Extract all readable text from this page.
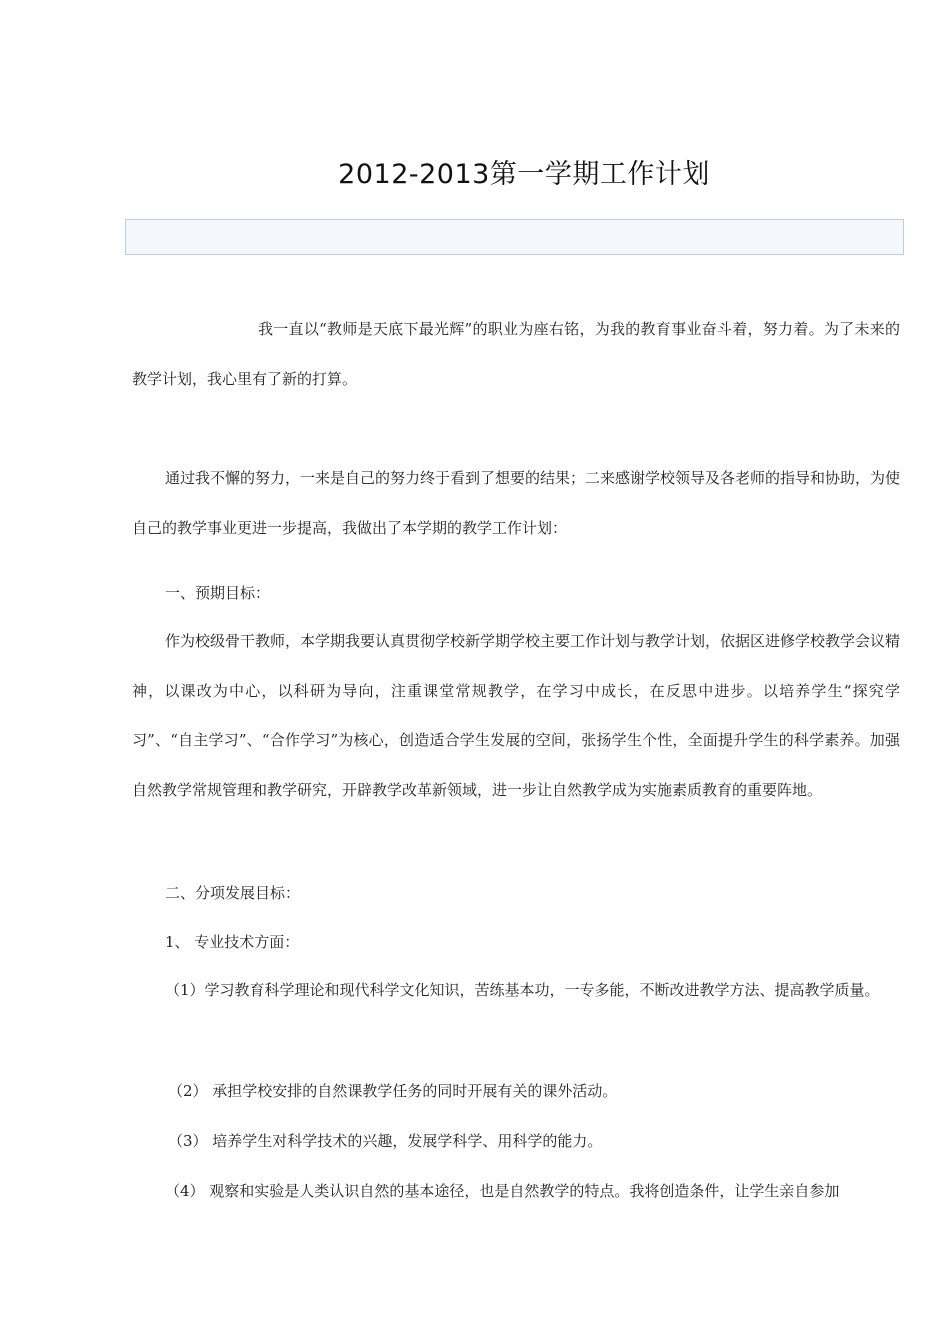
2012-2013第一学期工作计划

我一直以“教师是天底下最光辉”的职业为座右铭，为我的教育事业奋斗着，努力着。为了未来的教学计划，我心里有了新的打算。

通过我不懈的努力，一来是自己的努力终于看到了想要的结果；二来感谢学校领导及各老师的指导和协助，为使自己的教学事业更进一步提高，我做出了本学期的教学工作计划：

一、预期目标：

作为校级骨干教师，本学期我要认真贯彻学校新学期学校主要工作计划与教学计划，依据区进修学校教学会议精神，以课改为中心，以科研为导向，注重课堂常规教学，在学习中成长，在反思中进步。以培养学生“探究学习”、“自主学习”、“合作学习”为核心，创造适合学生发展的空间，张扬学生个性，全面提升学生的科学素养。加强自然教学常规管理和教学研究，开辟教学改革新领域，进一步让自然教学成为实施素质教育的重要阵地。

二、分项发展目标：

1、 专业技术方面：

（1）学习教育科学理论和现代科学文化知识，苦练基本功，一专多能，不断改进教学方法、提高教学质量。

（2） 承担学校安排的自然课教学任务的同时开展有关的课外活动。

（3） 培养学生对科学技术的兴趣，发展学科学、用科学的能力。

（4） 观察和实验是人类认识自然的基本途径，也是自然教学的特点。我将创造条件，让学生亲自参加
